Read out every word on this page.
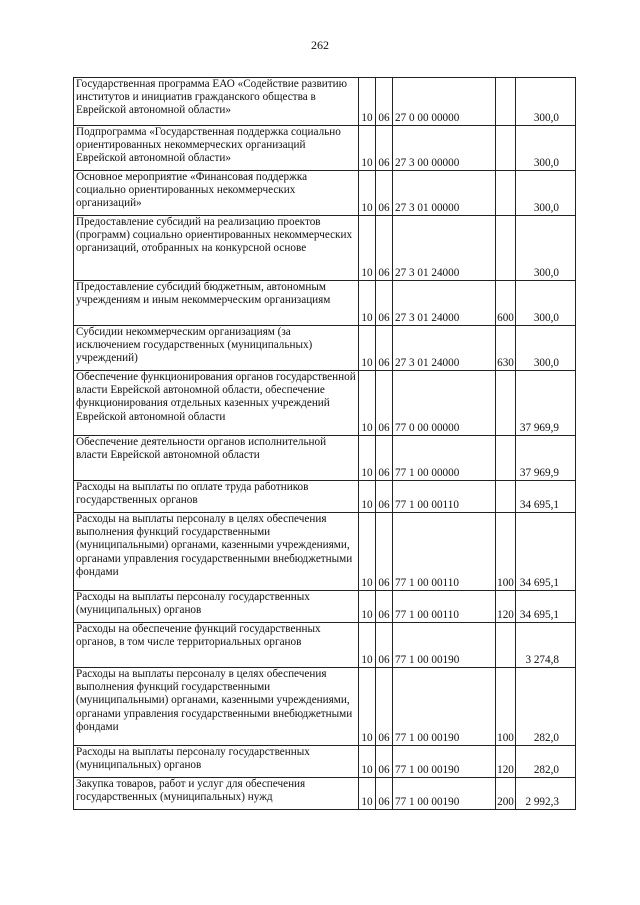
262
Государственная программа ЕАО «Содействие развитию институтов и инициатив гражданского общества в Еврейской автономной области»	10	06	27 0 00 00000		300,0
Подпрограмма «Государственная поддержка социально ориентированных некоммерческих организаций Еврейской автономной области»	10	06	27 3 00 00000		300,0
Основное мероприятие «Финансовая поддержка социально ориентированных некоммерческих организаций»	10	06	27 3 01 00000		300,0
Предоставление субсидий на реализацию проектов (программ) социально ориентированных некоммерческих организаций, отобранных на конкурсной основе	10	06	27 3 01 24000		300,0
Предоставление субсидий бюджетным, автономным учреждениям и иным некоммерческим организациям	10	06	27 3 01 24000	600	300,0
Субсидии некоммерческим организациям (за исключением государственных (муниципальных) учреждений)	10	06	27 3 01 24000	630	300,0
Обеспечение функционирования органов государственной власти Еврейской автономной области, обеспечение функционирования отдельных казенных учреждений Еврейской автономной области	10	06	77 0 00 00000		37 969,9
Обеспечение деятельности органов исполнительной власти Еврейской автономной области	10	06	77 1 00 00000		37 969,9
Расходы на выплаты по оплате труда работников государственных органов	10	06	77 1 00 00110		34 695,1
Расходы на выплаты персоналу в целях обеспечения выполнения функций государственными (муниципальными) органами, казенными учреждениями, органами управления государственными внебюджетными фондами	10	06	77 1 00 00110	100	34 695,1
Расходы на выплаты персоналу государственных (муниципальных) органов	10	06	77 1 00 00110	120	34 695,1
Расходы на обеспечение функций государственных органов, в том числе территориальных органов	10	06	77 1 00 00190		3 274,8
Расходы на выплаты персоналу в целях обеспечения выполнения функций государственными (муниципальными) органами, казенными учреждениями, органами управления государственными внебюджетными фондами	10	06	77 1 00 00190	100	282,0
Расходы на выплаты персоналу государственных (муниципальных) органов	10	06	77 1 00 00190	120	282,0
Закупка товаров, работ и услуг для обеспечения государственных (муниципальных) нужд	10	06	77 1 00 00190	200	2 992,3
